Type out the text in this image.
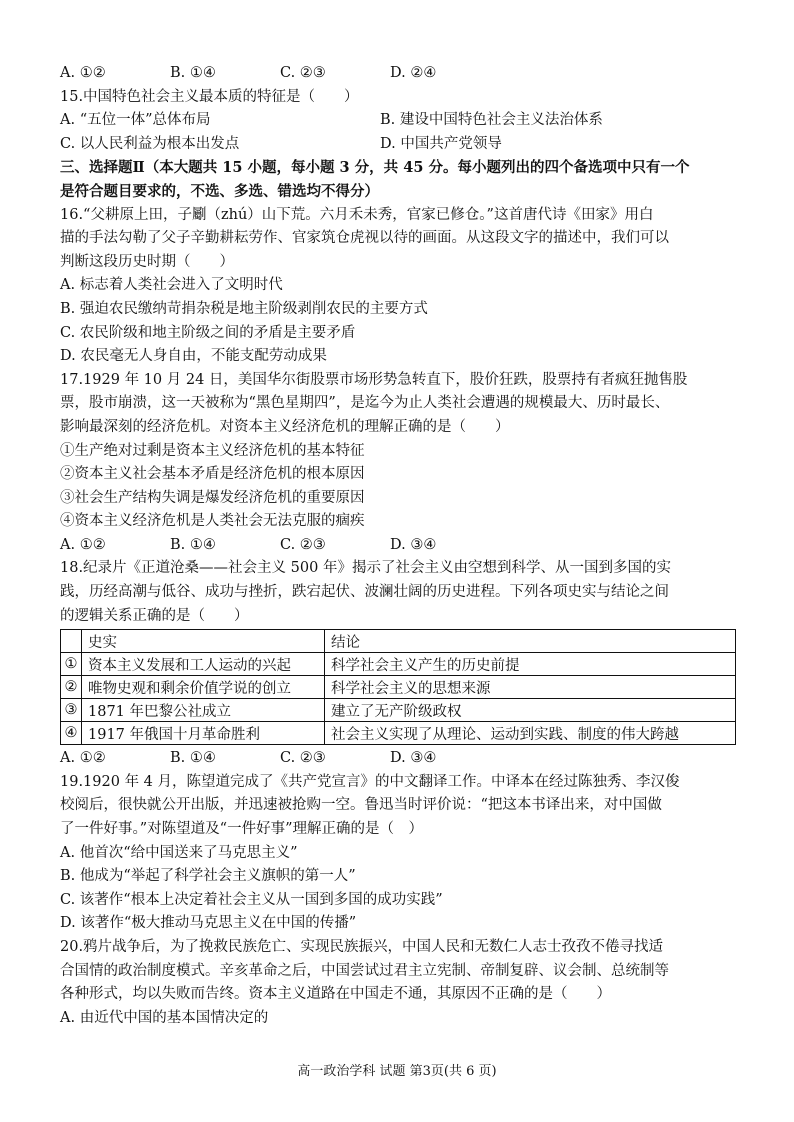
A. ①②	B. ①④	C. ②③	D. ②④
15.中国特色社会主义最本质的特征是（　　）
A. “五位一体”总体布局	B. 建设中国特色社会主义法治体系
C. 以人民利益为根本出发点	D. 中国共产党领导
三、选择题Ⅱ（本大题共 15 小题，每小题 3 分，共 45 分。每小题列出的四个备选项中只有一个
是符合题目要求的，不选、多选、错选均不得分）
16.“父耕原上田，子劚（zhú）山下荒。六月禾未秀，官家已修仓。”这首唐代诗《田家》用白
描的手法勾勒了父子辛勤耕耘劳作、官家筑仓虎视以待的画面。从这段文字的描述中，我们可以
判断这段历史时期（　　）
A. 标志着人类社会进入了文明时代
B. 强迫农民缴纳苛捐杂税是地主阶级剥削农民的主要方式
C. 农民阶级和地主阶级之间的矛盾是主要矛盾
D. 农民毫无人身自由，不能支配劳动成果
17.1929 年 10 月 24 日，美国华尔街股票市场形势急转直下，股价狂跌，股票持有者疯狂抛售股
票，股市崩溃，这一天被称为“黑色星期四”，是迄今为止人类社会遭遇的规模最大、历时最长、
影响最深刻的经济危机。对资本主义经济危机的理解正确的是（　　）
①生产绝对过剩是资本主义经济危机的基本特征
②资本主义社会基本矛盾是经济危机的根本原因
③社会生产结构失调是爆发经济危机的重要原因
④资本主义经济危机是人类社会无法克服的痼疾
A. ①②	B. ①④	C. ②③	D. ③④
18.纪录片《正道沧桑——社会主义 500 年》揭示了社会主义由空想到科学、从一国到多国的实
践，历经高潮与低谷、成功与挫折，跌宕起伏、波澜壮阔的历史进程。下列各项史实与结论之间
的逻辑关系正确的是（　　）
	史实	结论
①	资本主义发展和工人运动的兴起	科学社会主义产生的历史前提
②	唯物史观和剩余价值学说的创立	科学社会主义的思想来源
③	1871 年巴黎公社成立	建立了无产阶级政权
④	1917 年俄国十月革命胜利	社会主义实现了从理论、运动到实践、制度的伟大跨越
A. ①②	B. ①④	C. ②③	D. ③④
19.1920 年 4 月，陈望道完成了《共产党宣言》的中文翻译工作。中译本在经过陈独秀、李汉俊
校阅后，很快就公开出版，并迅速被抢购一空。鲁迅当时评价说：“把这本书译出来，对中国做
了一件好事。”对陈望道及“一件好事”理解正确的是（　）
A. 他首次“给中国送来了马克思主义”
B. 他成为“举起了科学社会主义旗帜的第一人”
C. 该著作“根本上决定着社会主义从一国到多国的成功实践”
D. 该著作“极大推动马克思主义在中国的传播”
20.鸦片战争后，为了挽救民族危亡、实现民族振兴，中国人民和无数仁人志士孜孜不倦寻找适
合国情的政治制度模式。辛亥革命之后，中国尝试过君主立宪制、帝制复辟、议会制、总统制等
各种形式，均以失败而告终。资本主义道路在中国走不通，其原因不正确的是（　　）
A. 由近代中国的基本国情决定的
高一政治学科 试题 第3页(共 6 页)
